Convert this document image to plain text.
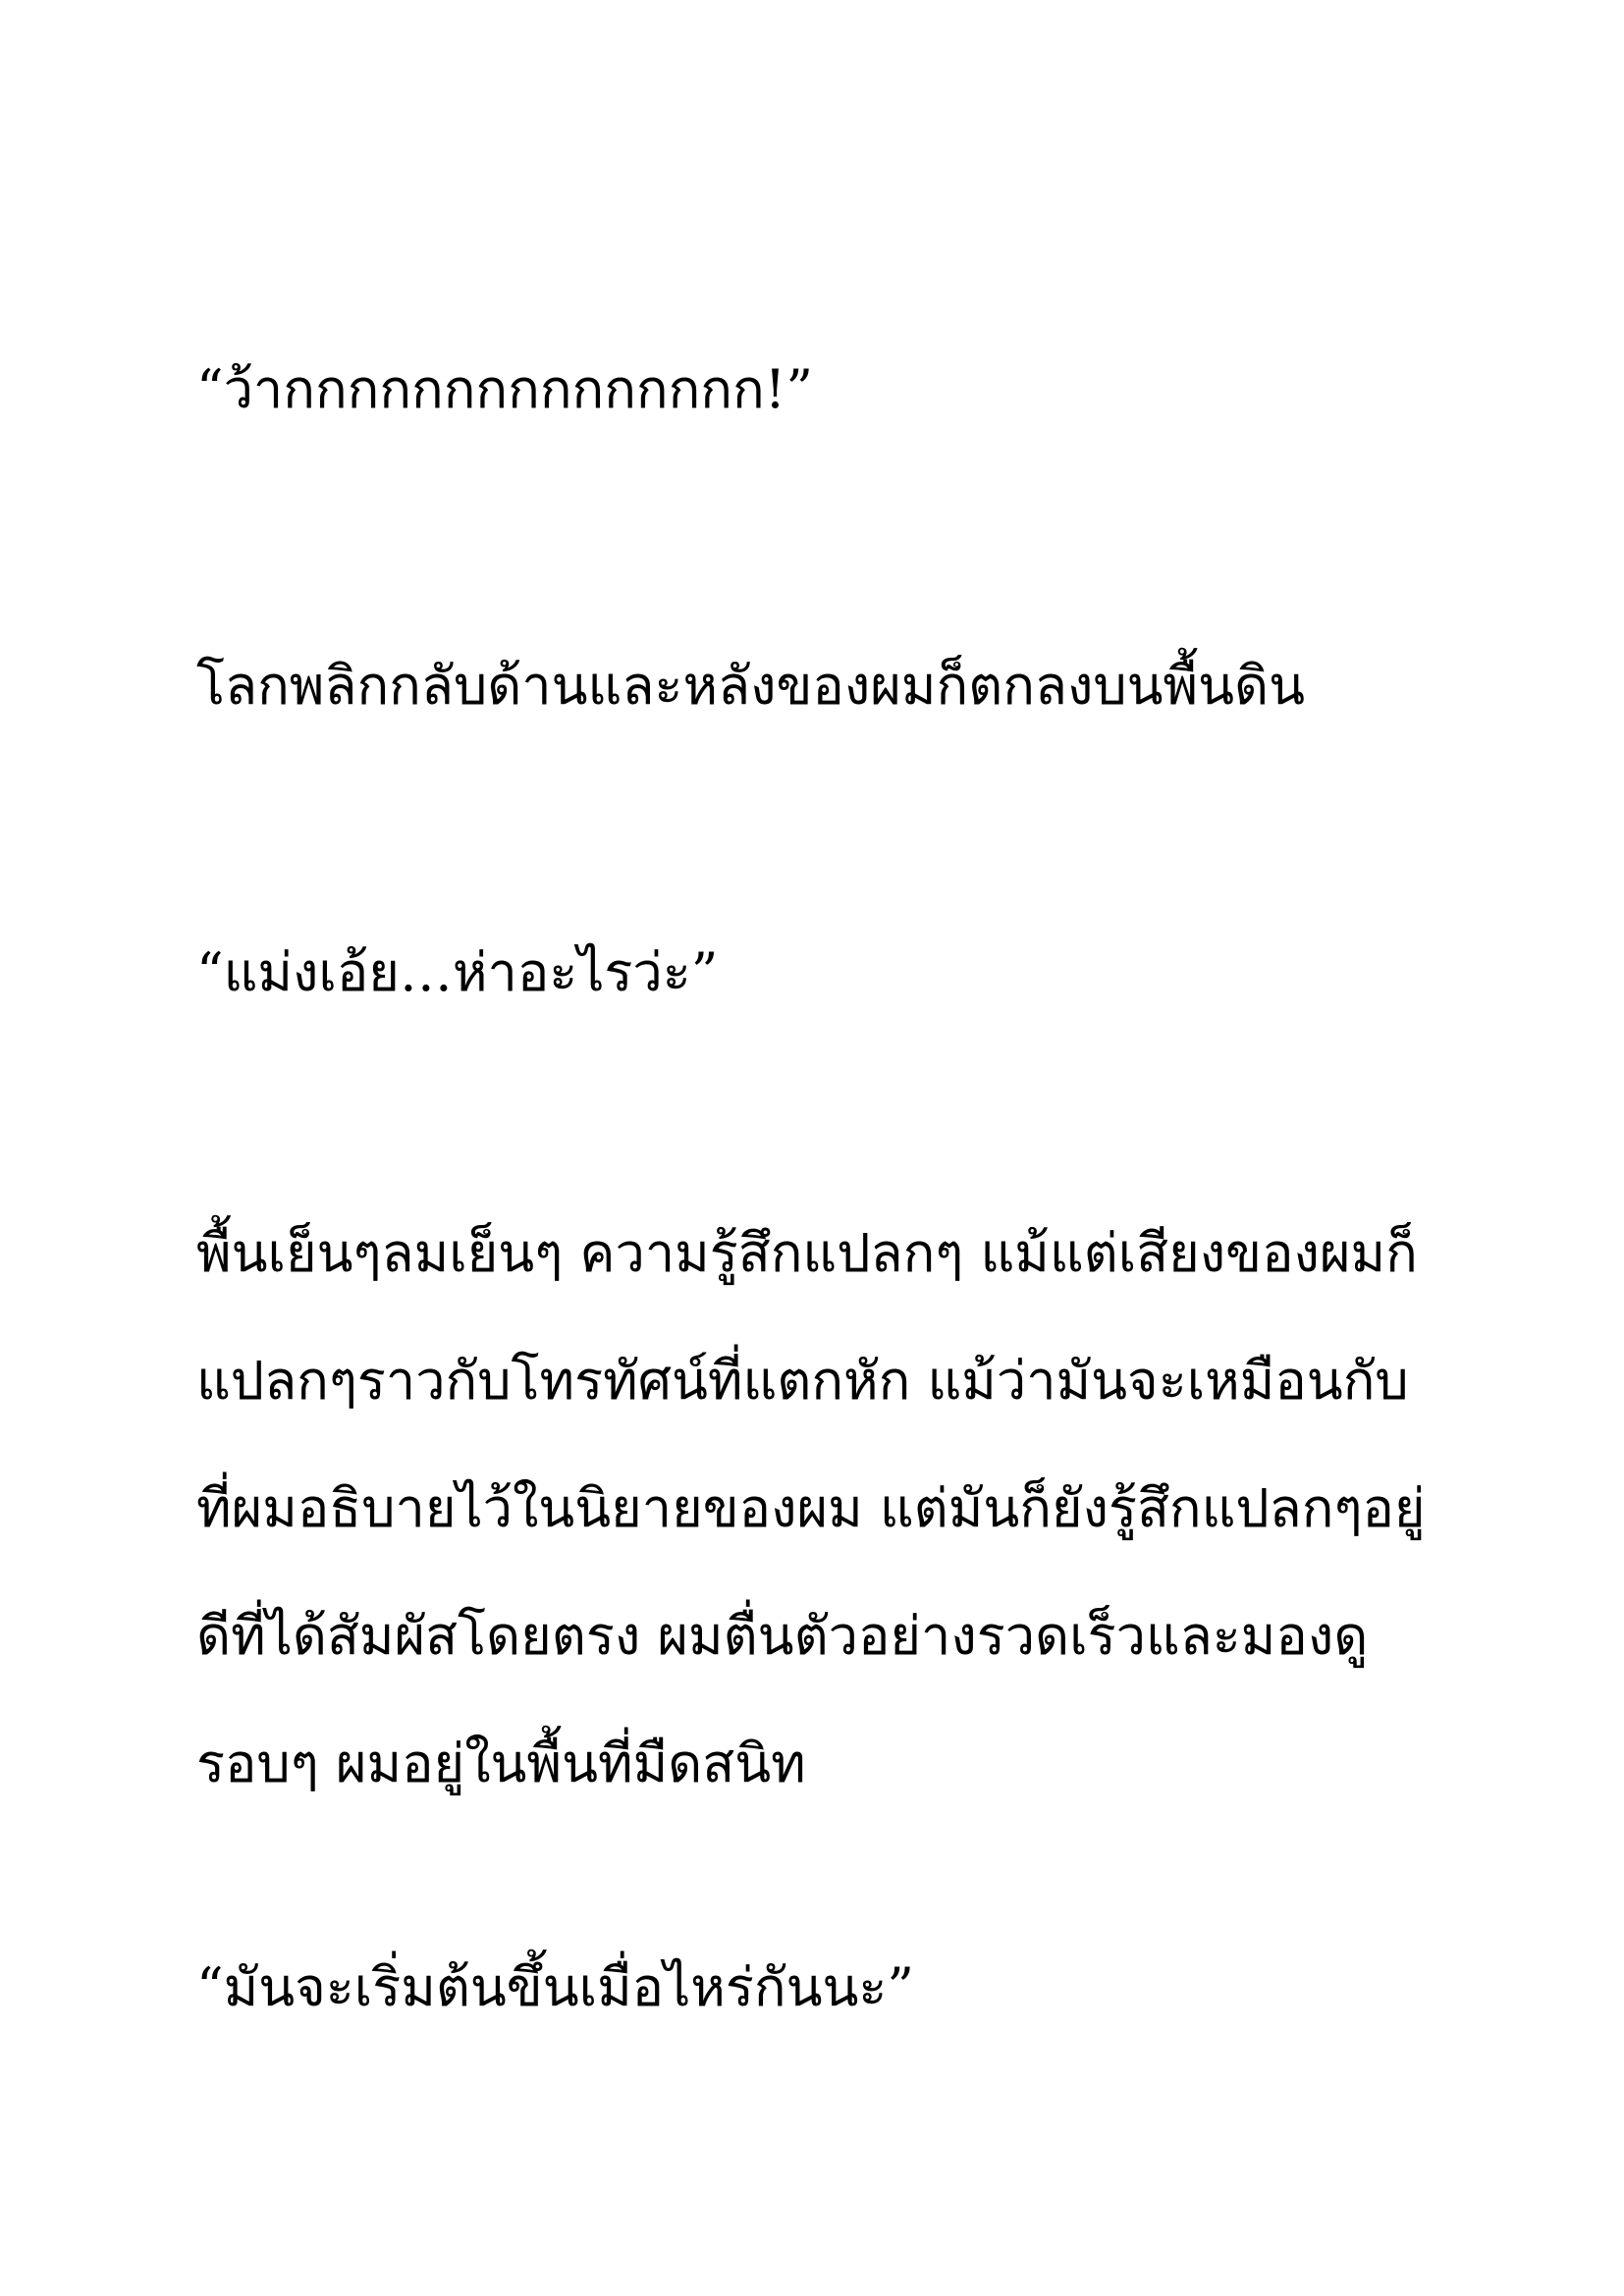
“ว้ากกกกกกกกกกกกกกก!”

โลกพลิกกลับด้านและหลังของผมก็ตกลงบนพื้นดิน

“แม่งเอ้ย…ห่าอะไรว่ะ”

พื้นเย็นๆลมเย็นๆ ความรู้สึกแปลกๆ แม้แต่เสียงของผมก็
แปลกๆราวกับโทรทัศน์ที่แตกหัก แม้ว่ามันจะเหมือนกับ
ที่ผมอธิบายไว้ในนิยายของผม แต่มันก็ยังรู้สึกแปลกๆอยู่
ดีที่ได้สัมผัสโดยตรง ผมตื่นตัวอย่างรวดเร็วและมองดู
รอบๆ ผมอยู่ในพื้นที่มืดสนิท

“มันจะเริ่มต้นขึ้นเมื่อไหร่กันนะ”
